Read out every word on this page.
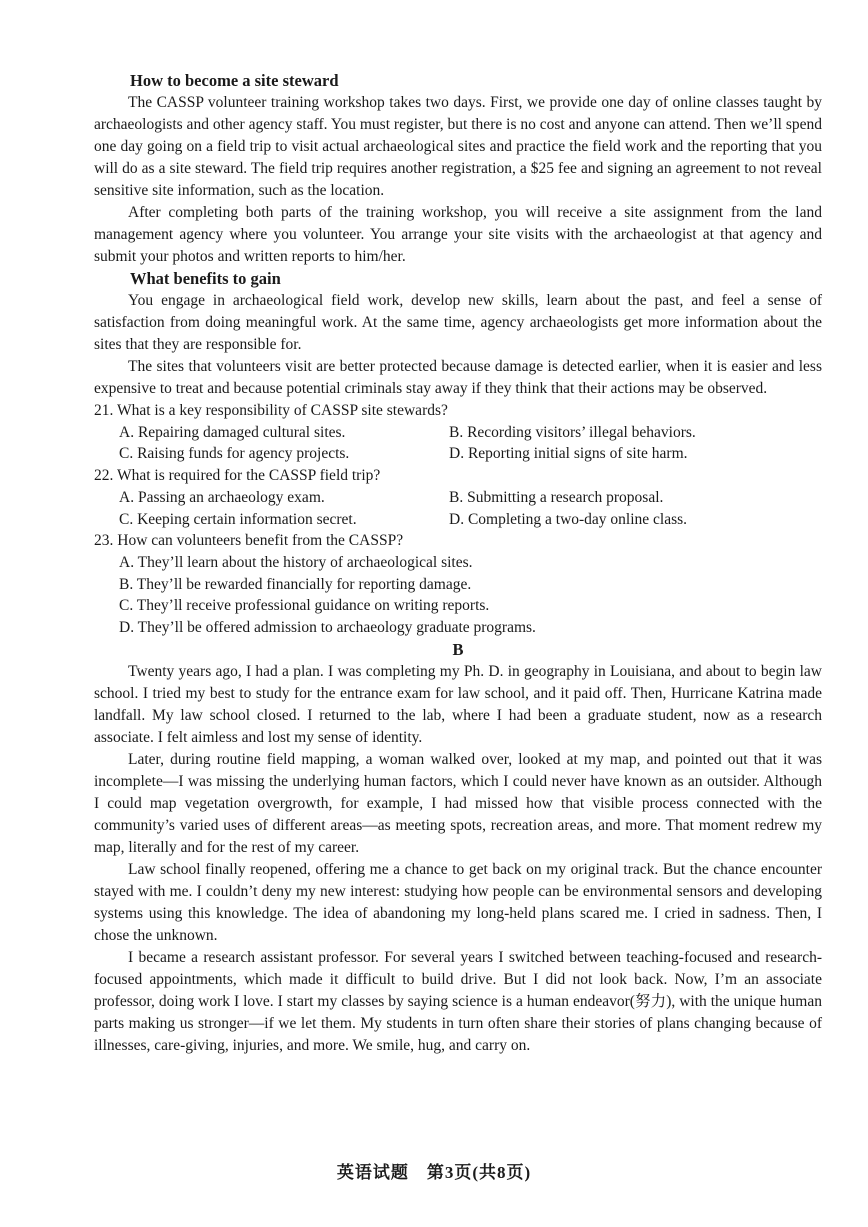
How to become a site steward

The CASSP volunteer training workshop takes two days. First, we provide one day of online classes taught by archaeologists and other agency staff. You must register, but there is no cost and anyone can attend. Then we’ll spend one day going on a field trip to visit actual archaeological sites and practice the field work and the reporting that you will do as a site steward. The field trip requires another registration, a $25 fee and signing an agreement to not reveal sensitive site information, such as the location.

After completing both parts of the training workshop, you will receive a site assignment from the land management agency where you volunteer. You arrange your site visits with the archaeologist at that agency and submit your photos and written reports to him/her.

What benefits to gain

You engage in archaeological field work, develop new skills, learn about the past, and feel a sense of satisfaction from doing meaningful work. At the same time, agency archaeologists get more information about the sites that they are responsible for.

The sites that volunteers visit are better protected because damage is detected earlier, when it is easier and less expensive to treat and because potential criminals stay away if they think that their actions may be observed.

21. What is a key responsibility of CASSP site stewards?

A. Repairing damaged cultural sites.	B. Recording visitors’ illegal behaviors.
C. Raising funds for agency projects.	D. Reporting initial signs of site harm.

22. What is required for the CASSP field trip?

A. Passing an archaeology exam.	B. Submitting a research proposal.
C. Keeping certain information secret.	D. Completing a two-day online class.

23. How can volunteers benefit from the CASSP?

A. They’ll learn about the history of archaeological sites.
B. They’ll be rewarded financially for reporting damage.
C. They’ll receive professional guidance on writing reports.
D. They’ll be offered admission to archaeology graduate programs.

B

Twenty years ago, I had a plan. I was completing my Ph. D. in geography in Louisiana, and about to begin law school. I tried my best to study for the entrance exam for law school, and it paid off. Then, Hurricane Katrina made landfall. My law school closed. I returned to the lab, where I had been a graduate student, now as a research associate. I felt aimless and lost my sense of identity.

Later, during routine field mapping, a woman walked over, looked at my map, and pointed out that it was incomplete—I was missing the underlying human factors, which I could never have known as an outsider. Although I could map vegetation overgrowth, for example, I had missed how that visible process connected with the community’s varied uses of different areas—as meeting spots, recreation areas, and more. That moment redrew my map, literally and for the rest of my career.

Law school finally reopened, offering me a chance to get back on my original track. But the chance encounter stayed with me. I couldn’t deny my new interest: studying how people can be environmental sensors and developing systems using this knowledge. The idea of abandoning my long-held plans scared me. I cried in sadness. Then, I chose the unknown.

I became a research assistant professor. For several years I switched between teaching-focused and research-focused appointments, which made it difficult to build drive. But I did not look back. Now, I’m an associate professor, doing work I love. I start my classes by saying science is a human endeavor(努力), with the unique human parts making us stronger—if we let them. My students in turn often share their stories of plans changing because of illnesses, care-giving, injuries, and more. We smile, hug, and carry on.

英语试题　第3页(共8页)
